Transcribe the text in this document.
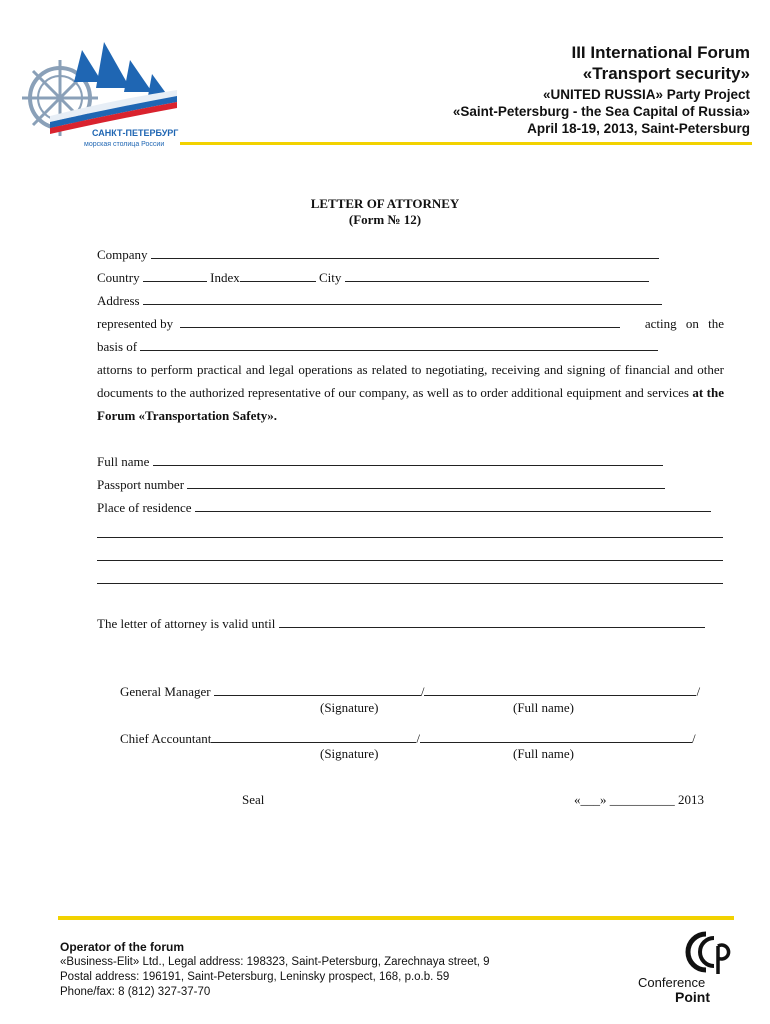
САНКТ-ПЕТЕРБУРГ
морская столица России
III International Forum
«Transport security»
«UNITED RUSSIA» Party Project
«Saint-Petersburg - the Sea Capital of Russia»
April 18-19, 2013, Saint-Petersburg
LETTER OF ATTORNEY
(Form № 12)
Company
Country	Index	City
Address
represented by	acting on the
basis of
attorns to perform practical and legal operations as related to negotiating, receiving and signing of financial and other documents to the authorized representative of our company, as well as to order additional equipment and services at the Forum «Transportation Safety».
Full name
Passport number
Place of residence
The letter of attorney is valid until
General Manager	/	/
(Signature)	(Full name)
Chief Accountant	/	/
(Signature)	(Full name)
Seal	«___» __________ 2013
Operator of the forum
«Business-Elit» Ltd., Legal address: 198323, Saint-Petersburg, Zarechnaya street, 9
Postal address: 196191, Saint-Petersburg, Leninsky prospect, 168, p.o.b. 59
Phone/fax: 8 (812) 327-37-70
Conference
Point
